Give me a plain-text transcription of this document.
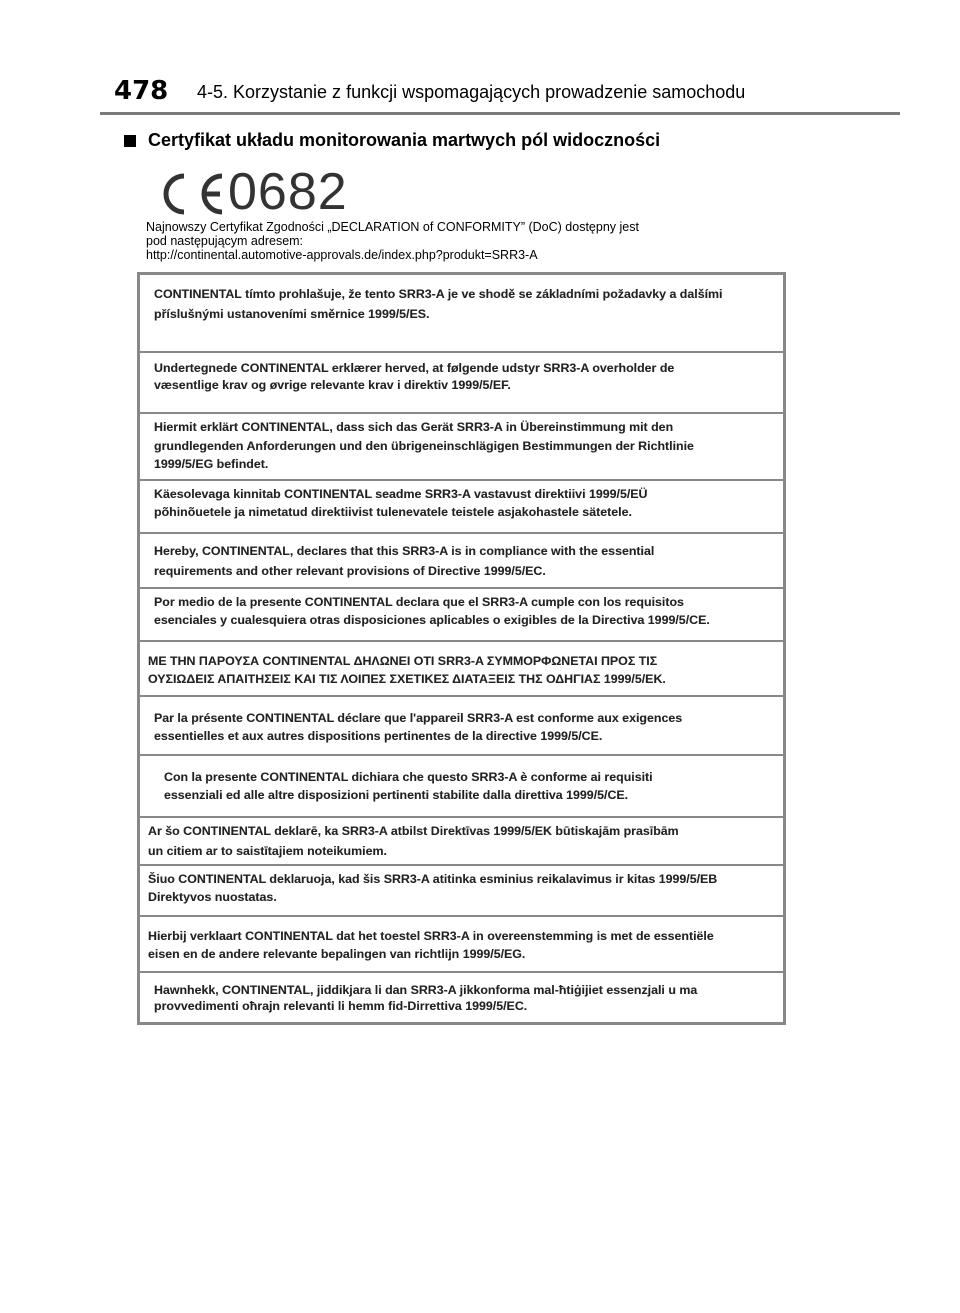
478 4-5. Korzystanie z funkcji wspomagających prowadzenie samochodu
Certyfikat układu monitorowania martwych pól widoczności
0682
Najnowszy Certyfikat Zgodności „DECLARATION of CONFORMITY” (DoC) dostępny jest
pod następującym adresem:
http://continental.automotive-approvals.de/index.php?produkt=SRR3-A
CONTINENTAL tímto prohlašuje, že tento SRR3-A je ve shodě se základními požadavky a dalšími
příslušnými ustanoveními směrnice 1999/5/ES.
Undertegnede CONTINENTAL erklærer herved, at følgende udstyr SRR3-A overholder de
væsentlige krav og øvrige relevante krav i direktiv 1999/5/EF.
Hiermit erklärt CONTINENTAL, dass sich das Gerät SRR3-A in Übereinstimmung mit den
grundlegenden Anforderungen und den übrigeneinschlägigen Bestimmungen der Richtlinie
1999/5/EG befindet.
Käesolevaga kinnitab CONTINENTAL seadme SRR3-A vastavust direktiivi 1999/5/EÜ
põhinõuetele ja nimetatud direktiivist tulenevatele teistele asjakohastele sätetele.
Hereby, CONTINENTAL, declares that this SRR3-A is in compliance with the essential
requirements and other relevant provisions of Directive 1999/5/EC.
Por medio de la presente CONTINENTAL declara que el SRR3-A cumple con los requisitos
esenciales y cualesquiera otras disposiciones aplicables o exigibles de la Directiva 1999/5/CE.
ΜΕ ΤΗΝ ΠΑΡΟΥΣΑ CONTINENTAL ΔΗΛΩΝΕΙ ΟΤΙ SRR3-A ΣΥΜΜΟΡΦΩΝΕΤΑΙ ΠΡΟΣ ΤΙΣ
ΟΥΣΙΩΔΕΙΣ ΑΠΑΙΤΗΣΕΙΣ ΚΑΙ ΤΙΣ ΛΟΙΠΕΣ ΣΧΕΤΙΚΕΣ ΔΙΑΤΑΞΕΙΣ ΤΗΣ ΟΔΗΓΙΑΣ 1999/5/ΕΚ.
Par la présente CONTINENTAL déclare que l'appareil SRR3-A est conforme aux exigences
essentielles et aux autres dispositions pertinentes de la directive 1999/5/CE.
Con la presente CONTINENTAL dichiara che questo SRR3-A è conforme ai requisiti
essenziali ed alle altre disposizioni pertinenti stabilite dalla direttiva 1999/5/CE.
Ar šo CONTINENTAL deklarē, ka SRR3-A atbilst Direktīvas 1999/5/EK būtiskajām prasībām
un citiem ar to saistītajiem noteikumiem.
Šiuo CONTINENTAL deklaruoja, kad šis SRR3-A atitinka esminius reikalavimus ir kitas 1999/5/EB
Direktyvos nuostatas.
Hierbij verklaart CONTINENTAL dat het toestel SRR3-A in overeenstemming is met de essentiële
eisen en de andere relevante bepalingen van richtlijn 1999/5/EG.
Hawnhekk, CONTINENTAL, jiddikjara li dan SRR3-A jikkonforma mal-ħtiġijiet essenzjali u ma
provvedimenti oħrajn relevanti li hemm fid-Dirrettiva 1999/5/EC.
